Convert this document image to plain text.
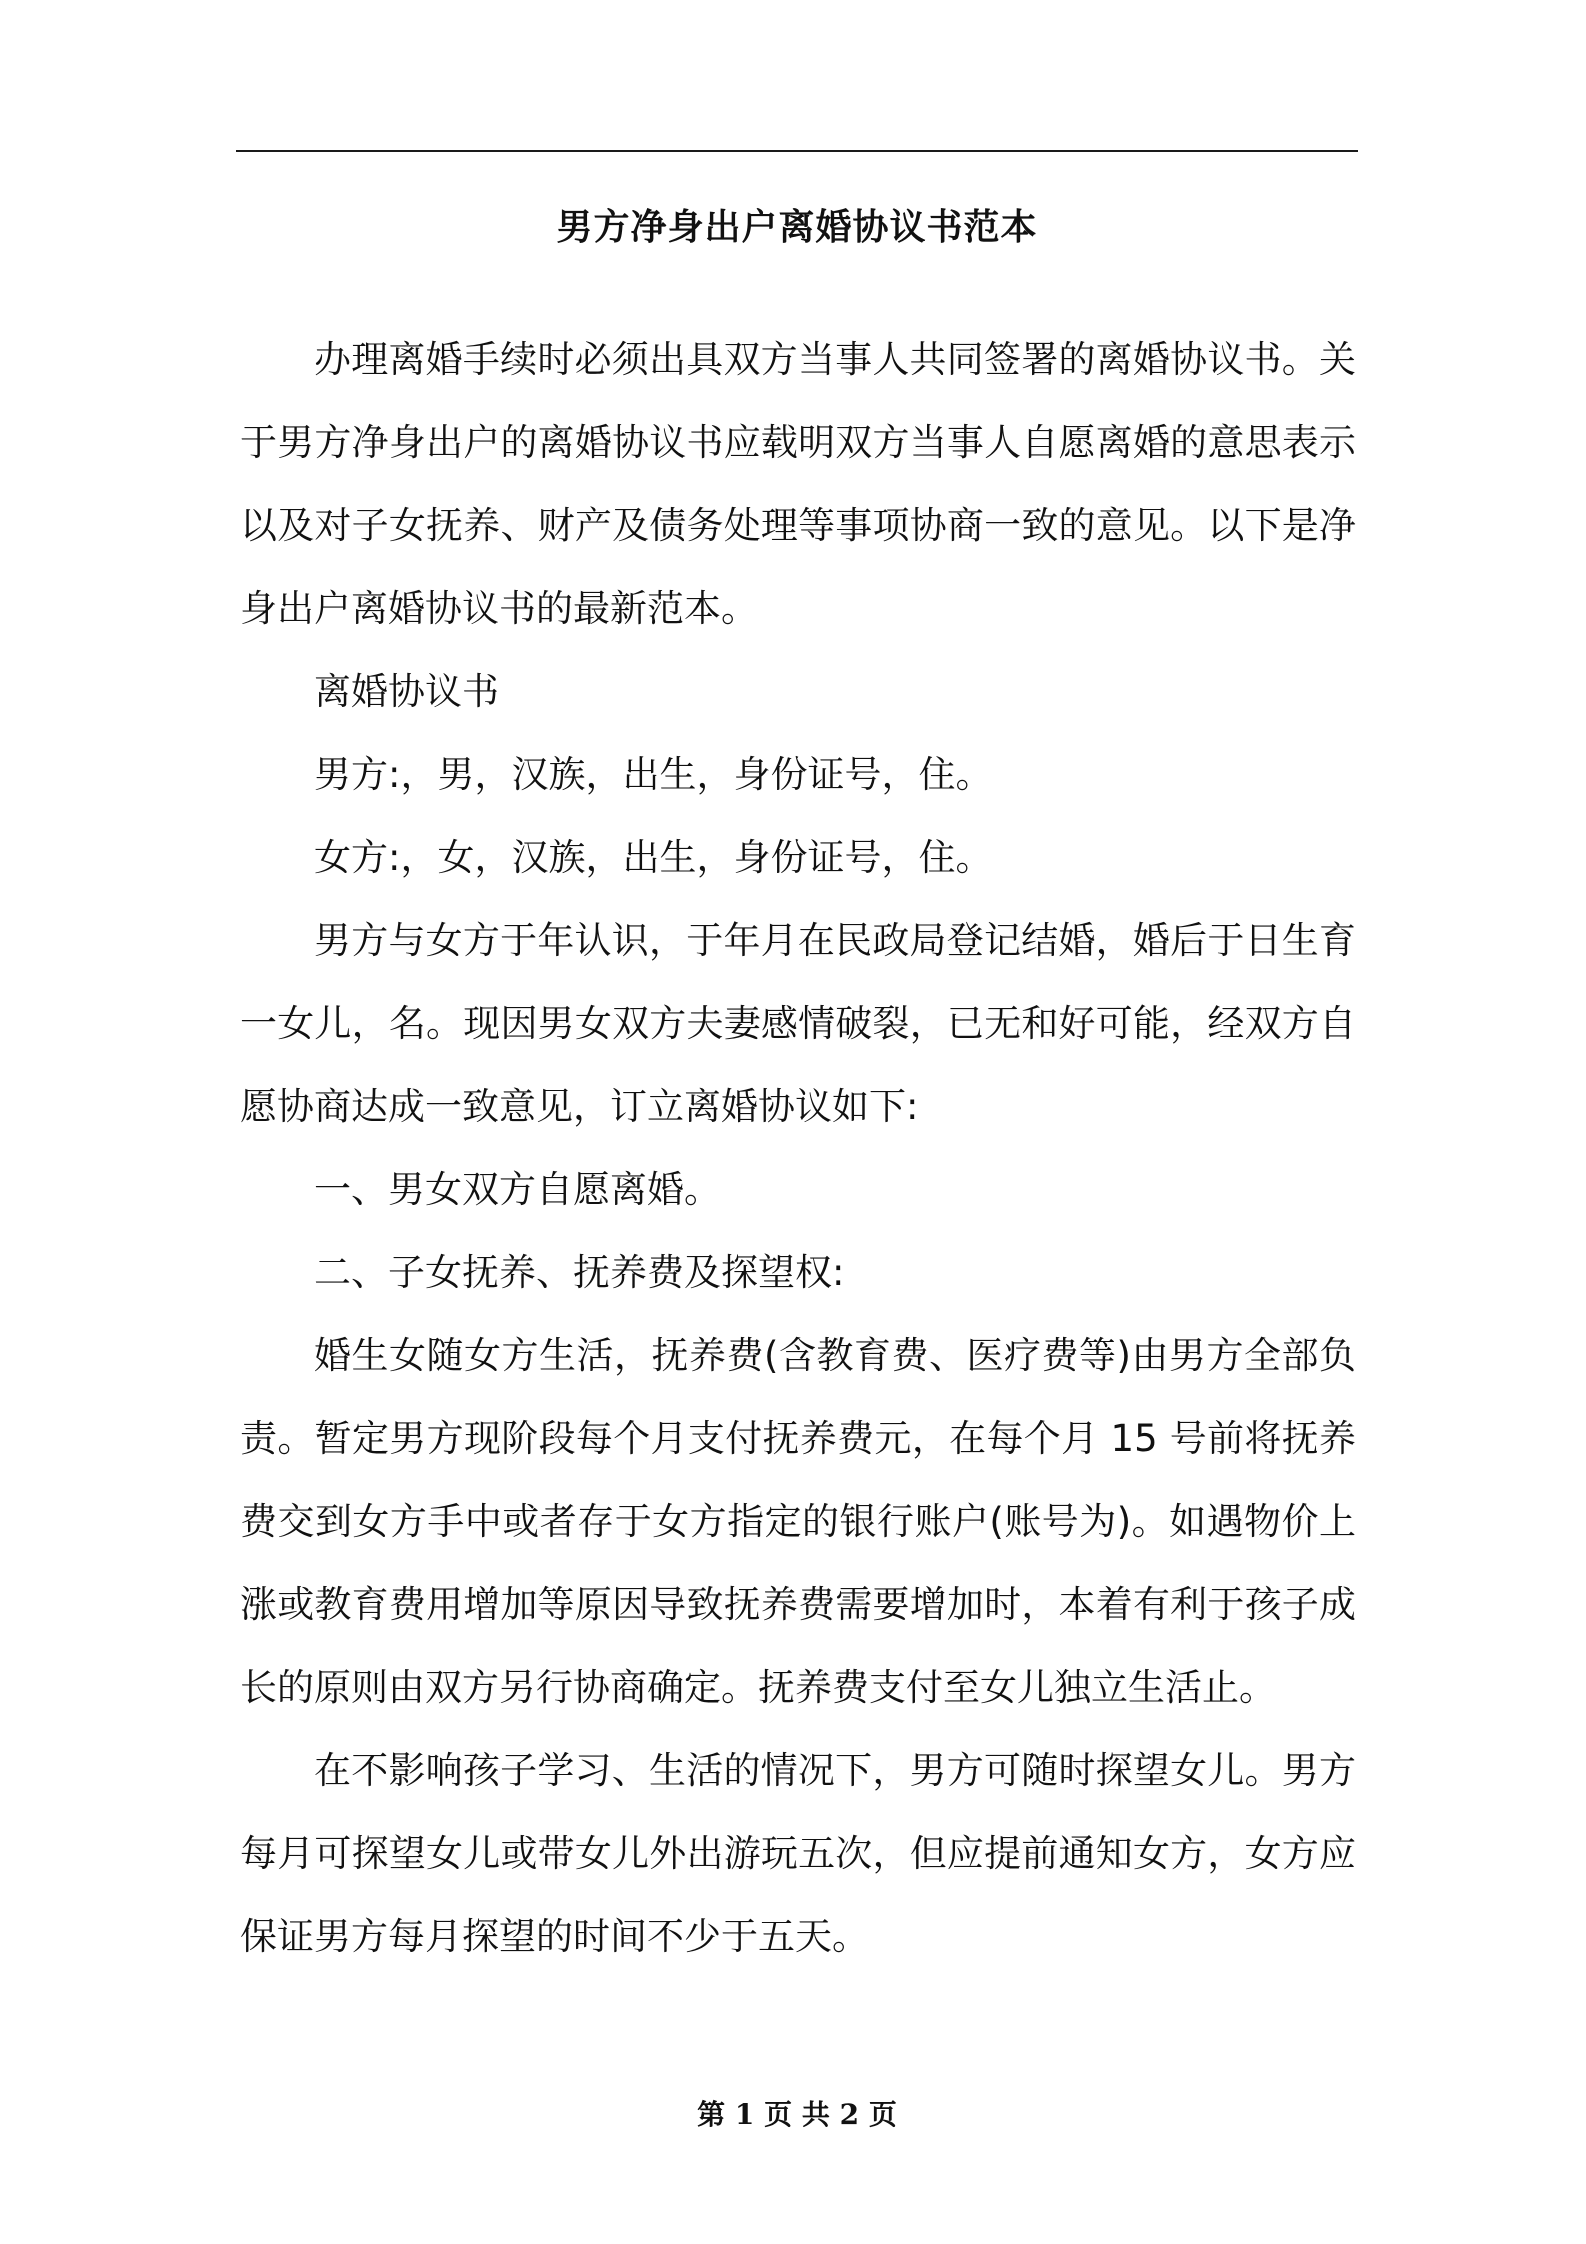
男方净身出户离婚协议书范本

办理离婚手续时必须出具双方当事人共同签署的离婚协议书。关于男方净身出户的离婚协议书应载明双方当事人自愿离婚的意思表示以及对子女抚养、财产及债务处理等事项协商一致的意见。以下是净身出户离婚协议书的最新范本。

离婚协议书

男方:，男，汉族，出生，身份证号，住。

女方:，女，汉族，出生，身份证号，住。

男方与女方于年认识，于年月在民政局登记结婚，婚后于日生育一女儿，名。现因男女双方夫妻感情破裂，已无和好可能，经双方自愿协商达成一致意见，订立离婚协议如下:

一、男女双方自愿离婚。

二、子女抚养、抚养费及探望权:

婚生女随女方生活，抚养费(含教育费、医疗费等)由男方全部负责。暂定男方现阶段每个月支付抚养费元，在每个月 15 号前将抚养费交到女方手中或者存于女方指定的银行账户(账号为)。如遇物价上涨或教育费用增加等原因导致抚养费需要增加时，本着有利于孩子成长的原则由双方另行协商确定。抚养费支付至女儿独立生活止。

在不影响孩子学习、生活的情况下，男方可随时探望女儿。男方每月可探望女儿或带女儿外出游玩五次，但应提前通知女方，女方应保证男方每月探望的时间不少于五天。

第 1 页 共 2 页
